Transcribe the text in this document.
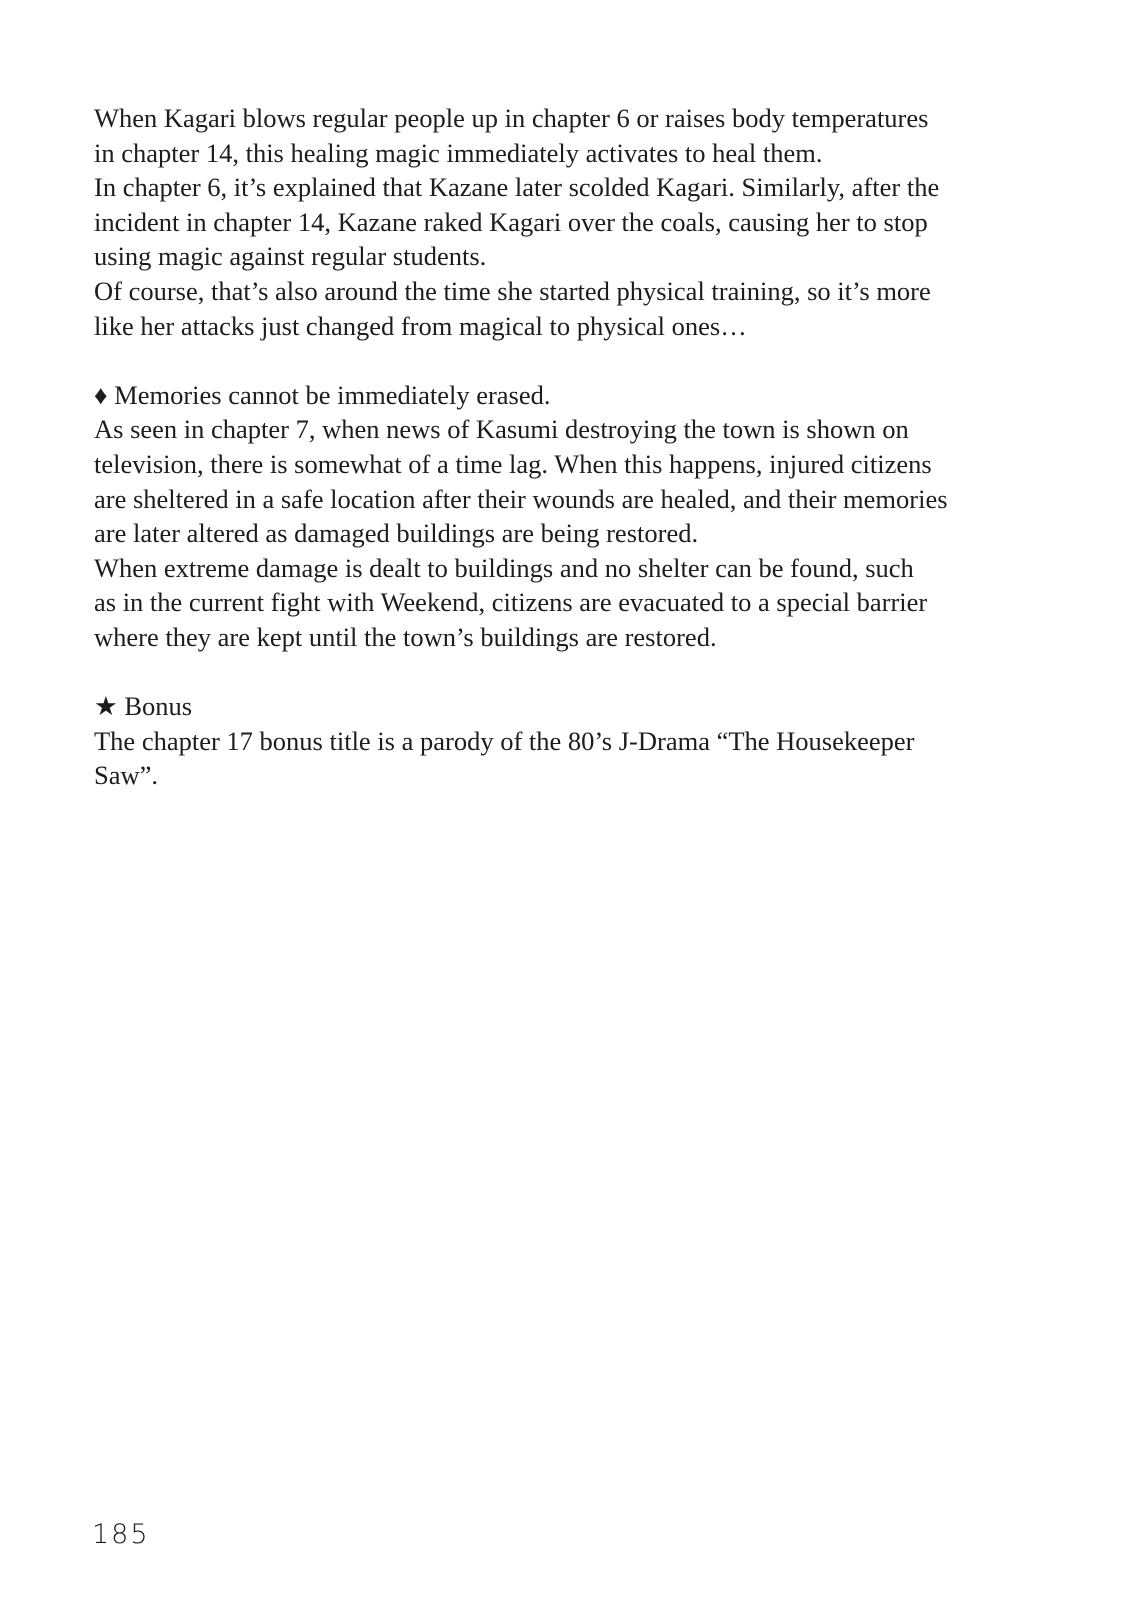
When Kagari blows regular people up in chapter 6 or raises body temperatures
in chapter 14, this healing magic immediately activates to heal them.
In chapter 6, it’s explained that Kazane later scolded Kagari. Similarly, after the
incident in chapter 14, Kazane raked Kagari over the coals, causing her to stop
using magic against regular students.
Of course, that’s also around the time she started physical training, so it’s more
like her attacks just changed from magical to physical ones…
♦ Memories cannot be immediately erased.
As seen in chapter 7, when news of Kasumi destroying the town is shown on
television, there is somewhat of a time lag. When this happens, injured citizens
are sheltered in a safe location after their wounds are healed, and their memories
are later altered as damaged buildings are being restored.
When extreme damage is dealt to buildings and no shelter can be found, such
as in the current fight with Weekend, citizens are evacuated to a special barrier
where they are kept until the town’s buildings are restored.
★ Bonus
The chapter 17 bonus title is a parody of the 80’s J-Drama “The Housekeeper
Saw”.
185
